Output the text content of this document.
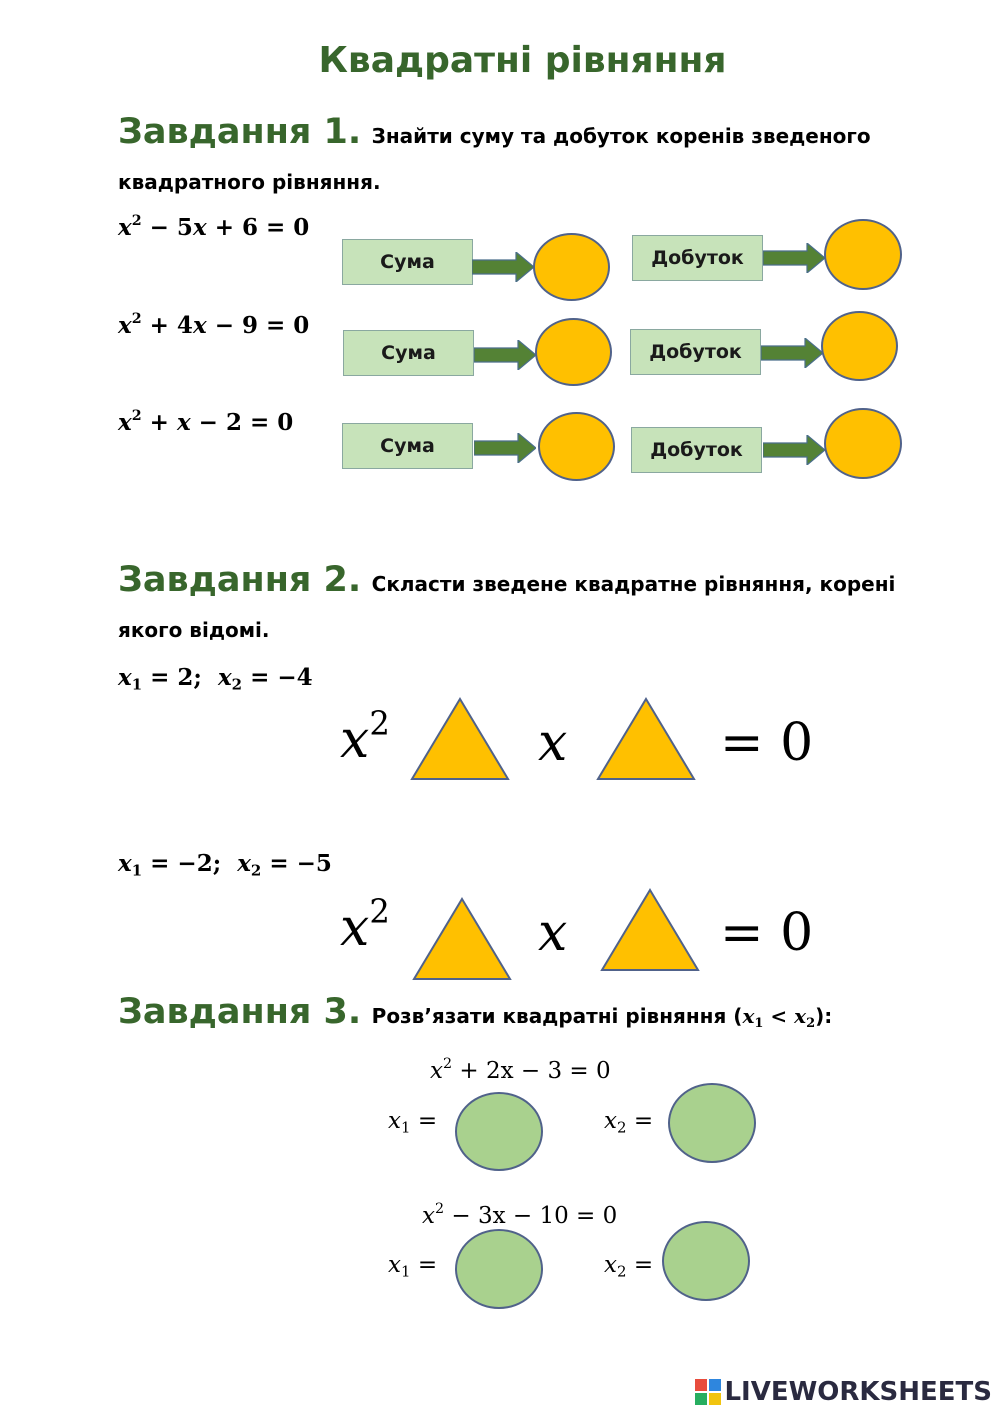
Квадратні рівняння
Завдання 1. Знайти суму та добуток коренів зведеного
квадратного рівняння.
$x^2 - 5x + 6 = 0$
$x^2 + 4x - 9 = 0$
$x^2 + x - 2 = 0$
Сума	Добуток
Сума	Добуток
Сума	Добуток
Завдання 2. Скласти зведене квадратне рівняння, корені
якого відомі.
$x_1 = 2$; $x_2 = -4$
$x^2$	x	= 0
$x_1 = -2$; $x_2 = -5$
$x^2$	x	= 0
Завдання 3. Розв’язати квадратні рівняння $(x_1 < x_2)$:
$x^2 + 2x - 3 = 0$
$x_1$ =	$x_2$ =
$x^2 - 3x - 10 = 0$
$x_1$ =	$x_2$ =
LIVEWORKSHEETS
